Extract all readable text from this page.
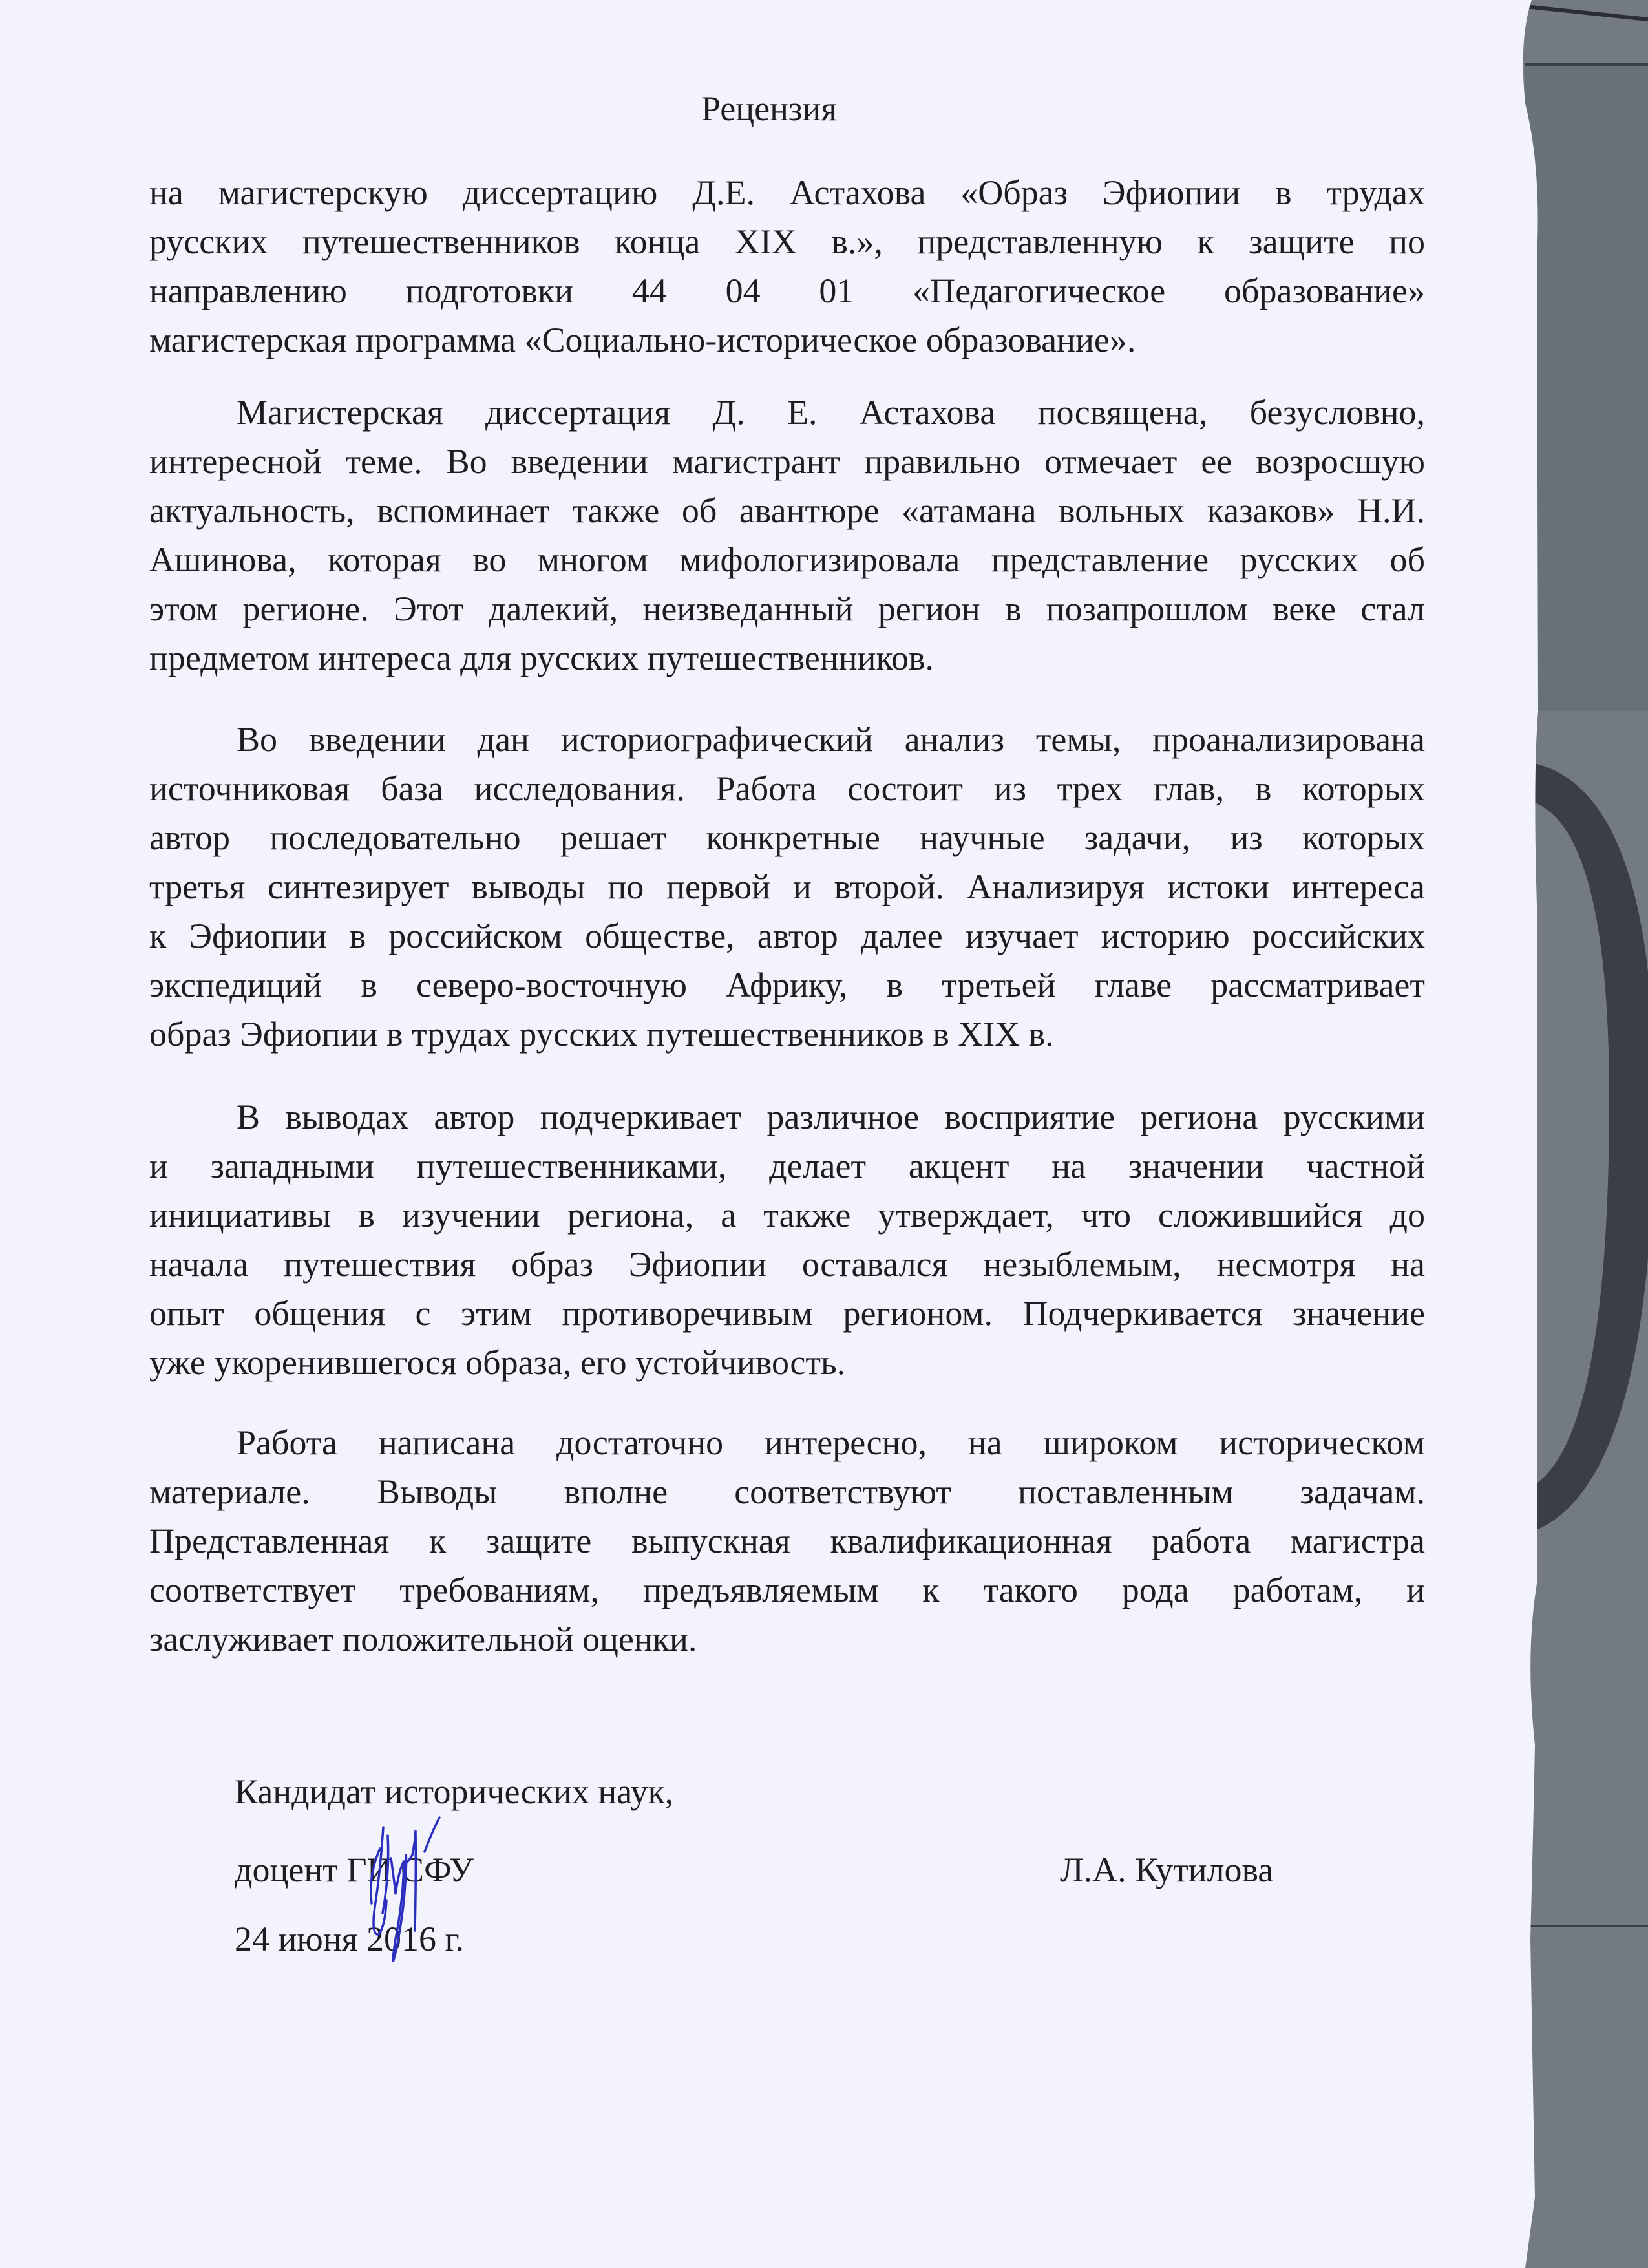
Рецензия
на магистерскую диссертацию Д.Е. Астахова «Образ Эфиопии в трудах
русских путешественников конца XIX в.», представленную к защите по
направлению подготовки 44 04 01 «Педагогическое образование»
магистерская программа «Социально-историческое образование».
Магистерская диссертация Д. Е. Астахова посвящена, безусловно,
интересной теме. Во введении магистрант правильно отмечает ее возросшую
актуальность, вспоминает также об авантюре «атамана вольных казаков» Н.И.
Ашинова, которая во многом мифологизировала представление русских об
этом регионе. Этот далекий, неизведанный регион в позапрошлом веке стал
предметом интереса для русских путешественников.
Во введении дан историографический анализ темы, проанализирована
источниковая база исследования. Работа состоит из трех глав, в которых
автор последовательно решает конкретные научные задачи, из которых
третья синтезирует выводы по первой и второй. Анализируя истоки интереса
к Эфиопии в российском обществе, автор далее изучает историю российских
экспедиций в северо-восточную Африку, в третьей главе рассматривает
образ Эфиопии в трудах русских путешественников в XIX в.
В выводах автор подчеркивает различное восприятие региона русскими
и западными путешественниками, делает акцент на значении частной
инициативы в изучении региона, а также утверждает, что сложившийся до
начала путешествия образ Эфиопии оставался незыблемым, несмотря на
опыт общения с этим противоречивым регионом. Подчеркивается значение
уже укоренившегося образа, его устойчивость.
Работа написана достаточно интересно, на широком историческом
материале. Выводы вполне соответствуют поставленным задачам.
Представленная к защите выпускная квалификационная работа магистра
соответствует требованиям, предъявляемым к такого рода работам, и
заслуживает положительной оценки.
Кандидат исторических наук,
доцент ГИ СФУ
24 июня 2016 г.
Л.А. Кутилова
